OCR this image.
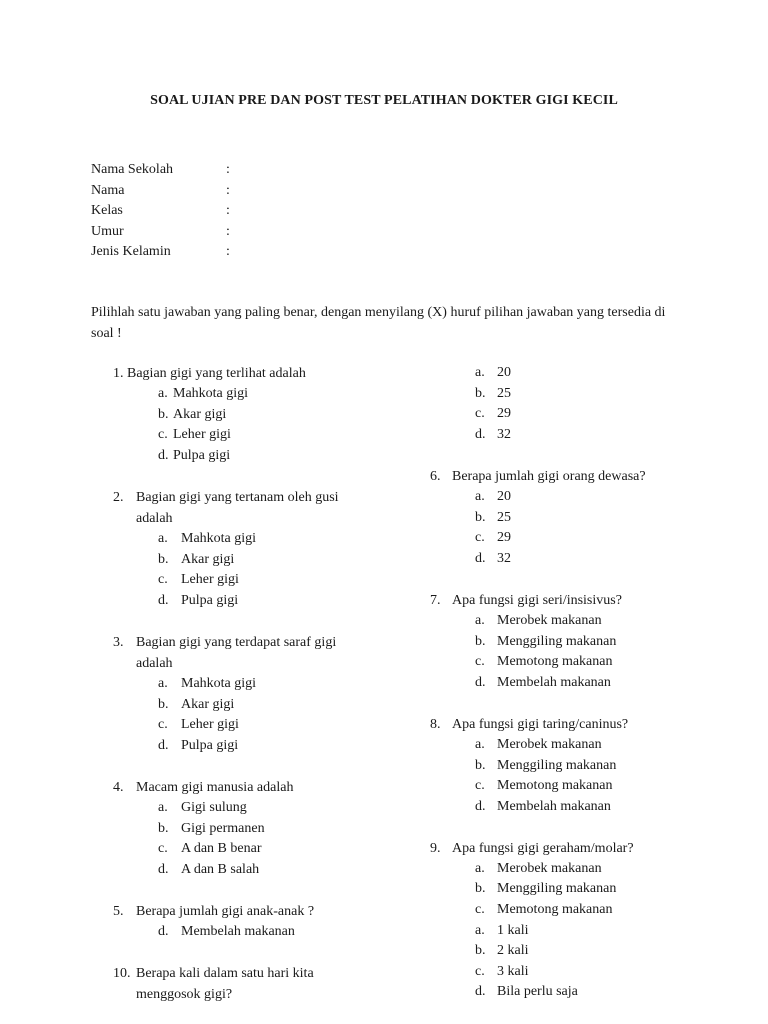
SOAL UJIAN PRE DAN POST TEST PELATIHAN DOKTER GIGI KECIL
Nama Sekolah	:
Nama	:
Kelas	:
Umur	:
Jenis Kelamin	:
Pilihlah satu jawaban yang paling benar, dengan menyilang (X) huruf pilihan jawaban yang tersedia di soal !
1. Bagian gigi yang terlihat adalah
a. Mahkota gigi
b. Akar gigi
c. Leher gigi
d. Pulpa gigi
2. Bagian gigi yang tertanam oleh gusi
adalah
a. Mahkota gigi
b. Akar gigi
c. Leher gigi
d. Pulpa gigi
3. Bagian gigi yang terdapat saraf gigi
adalah
a. Mahkota gigi
b. Akar gigi
c. Leher gigi
d. Pulpa gigi
4. Macam gigi manusia adalah
a. Gigi sulung
b. Gigi permanen
c. A dan B benar
d. A dan B salah
5. Berapa jumlah gigi anak-anak ?
d. Membelah makanan
10. Berapa kali dalam satu hari kita
menggosok gigi?
a. 20
b. 25
c. 29
d. 32
6. Berapa jumlah gigi orang dewasa?
a. 20
b. 25
c. 29
d. 32
7. Apa fungsi gigi seri/insisivus?
a. Merobek makanan
b. Menggiling makanan
c. Memotong makanan
d. Membelah makanan
8. Apa fungsi gigi taring/caninus?
a. Merobek makanan
b. Menggiling makanan
c. Memotong makanan
d. Membelah makanan
9. Apa fungsi gigi geraham/molar?
a. Merobek makanan
b. Menggiling makanan
c. Memotong makanan
a. 1 kali
b. 2 kali
c. 3 kali
d. Bila perlu saja
